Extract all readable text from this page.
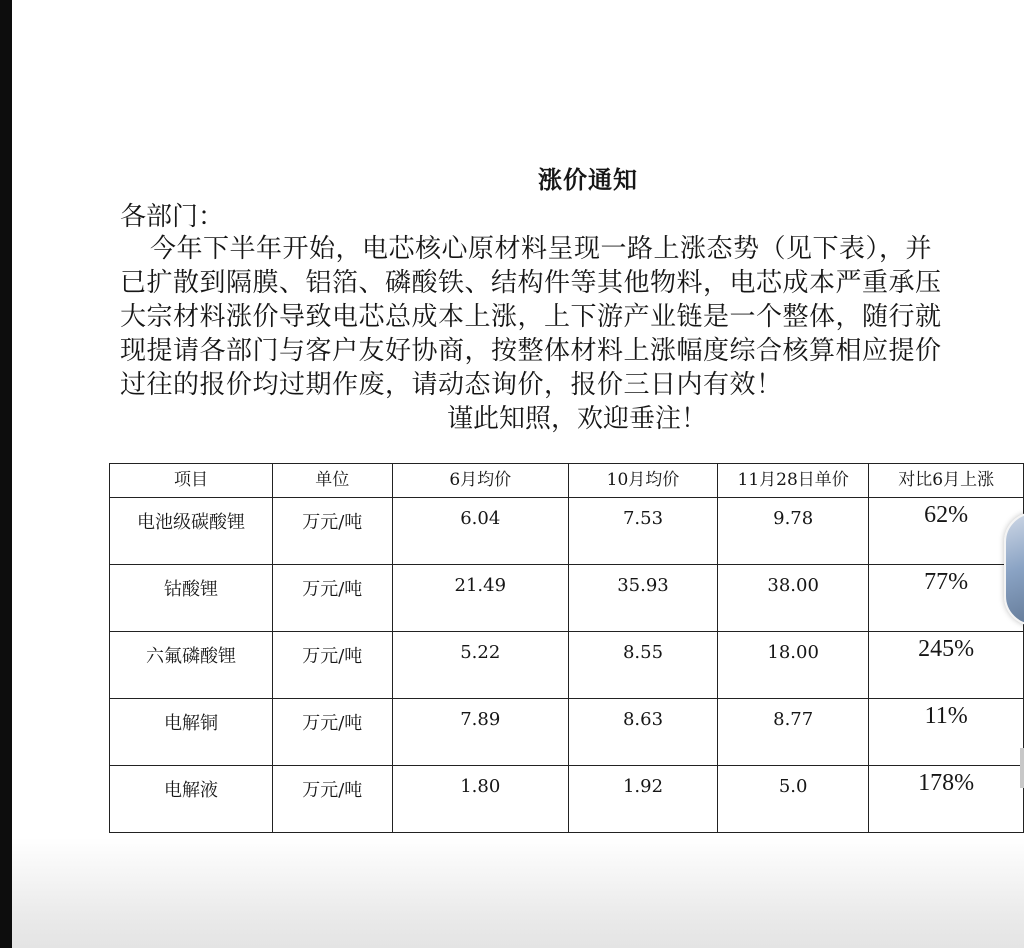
涨价通知
各部门：
今年下半年开始，电芯核心原材料呈现一路上涨态势（见下表），并
已扩散到隔膜、铝箔、磷酸铁、结构件等其他物料，电芯成本严重承压
大宗材料涨价导致电芯总成本上涨，上下游产业链是一个整体，随行就
现提请各部门与客户友好协商，按整体材料上涨幅度综合核算相应提价
过往的报价均过期作废，请动态询价，报价三日内有效！
谨此知照，欢迎垂注！
项目	单位	6月均价	10月均价	11月28日单价	对比6月上涨
电池级碳酸锂	万元/吨	6.04	7.53	9.78	62%
钴酸锂	万元/吨	21.49	35.93	38.00	77%
六氟磷酸锂	万元/吨	5.22	8.55	18.00	245%
电解铜	万元/吨	7.89	8.63	8.77	11%
电解液	万元/吨	1.80	1.92	5.0	178%
